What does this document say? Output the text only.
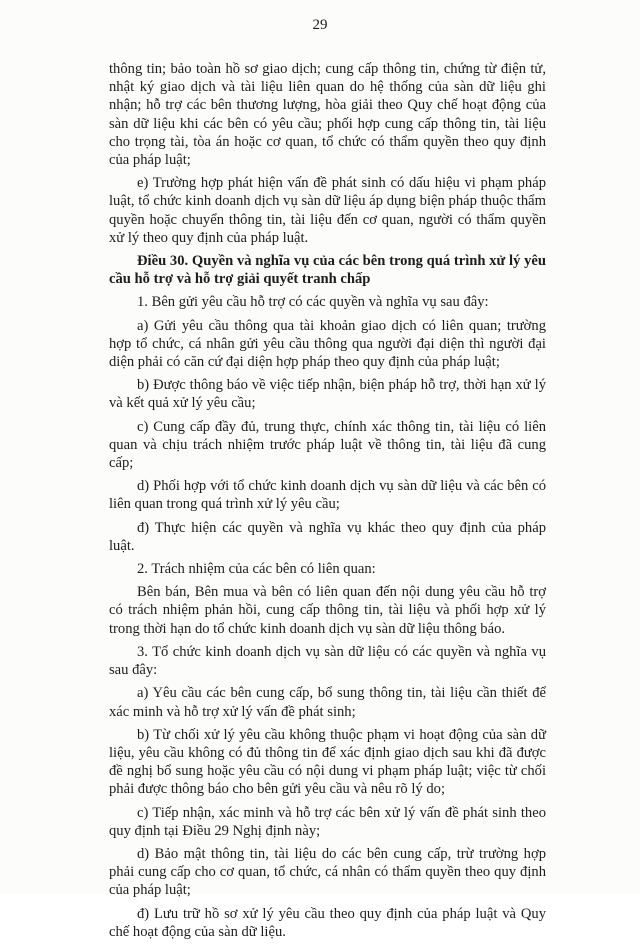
29

thông tin; bảo toàn hồ sơ giao dịch; cung cấp thông tin, chứng từ điện tử, nhật ký giao dịch và tài liệu liên quan do hệ thống của sàn dữ liệu ghi nhận; hỗ trợ các bên thương lượng, hòa giải theo Quy chế hoạt động của sàn dữ liệu khi các bên có yêu cầu; phối hợp cung cấp thông tin, tài liệu cho trọng tài, tòa án hoặc cơ quan, tổ chức có thẩm quyền theo quy định của pháp luật;

e) Trường hợp phát hiện vấn đề phát sinh có dấu hiệu vi phạm pháp luật, tổ chức kinh doanh dịch vụ sàn dữ liệu áp dụng biện pháp thuộc thẩm quyền hoặc chuyển thông tin, tài liệu đến cơ quan, người có thẩm quyền xử lý theo quy định của pháp luật.

Điều 30. Quyền và nghĩa vụ của các bên trong quá trình xử lý yêu cầu hỗ trợ và hỗ trợ giải quyết tranh chấp

1. Bên gửi yêu cầu hỗ trợ có các quyền và nghĩa vụ sau đây:

a) Gửi yêu cầu thông qua tài khoản giao dịch có liên quan; trường hợp tổ chức, cá nhân gửi yêu cầu thông qua người đại diện thì người đại diện phải có căn cứ đại diện hợp pháp theo quy định của pháp luật;

b) Được thông báo về việc tiếp nhận, biện pháp hỗ trợ, thời hạn xử lý và kết quả xử lý yêu cầu;

c) Cung cấp đầy đủ, trung thực, chính xác thông tin, tài liệu có liên quan và chịu trách nhiệm trước pháp luật về thông tin, tài liệu đã cung cấp;

d) Phối hợp với tổ chức kinh doanh dịch vụ sàn dữ liệu và các bên có liên quan trong quá trình xử lý yêu cầu;

đ) Thực hiện các quyền và nghĩa vụ khác theo quy định của pháp luật.

2. Trách nhiệm của các bên có liên quan:

Bên bán, Bên mua và bên có liên quan đến nội dung yêu cầu hỗ trợ có trách nhiệm phản hồi, cung cấp thông tin, tài liệu và phối hợp xử lý trong thời hạn do tổ chức kinh doanh dịch vụ sàn dữ liệu thông báo.

3. Tổ chức kinh doanh dịch vụ sàn dữ liệu có các quyền và nghĩa vụ sau đây:

a) Yêu cầu các bên cung cấp, bổ sung thông tin, tài liệu cần thiết để xác minh và hỗ trợ xử lý vấn đề phát sinh;

b) Từ chối xử lý yêu cầu không thuộc phạm vi hoạt động của sàn dữ liệu, yêu cầu không có đủ thông tin để xác định giao dịch sau khi đã được đề nghị bổ sung hoặc yêu cầu có nội dung vi phạm pháp luật; việc từ chối phải được thông báo cho bên gửi yêu cầu và nêu rõ lý do;

c) Tiếp nhận, xác minh và hỗ trợ các bên xử lý vấn đề phát sinh theo quy định tại Điều 29 Nghị định này;

d) Bảo mật thông tin, tài liệu do các bên cung cấp, trừ trường hợp phải cung cấp cho cơ quan, tổ chức, cá nhân có thẩm quyền theo quy định của pháp luật;

đ) Lưu trữ hồ sơ xử lý yêu cầu theo quy định của pháp luật và Quy chế hoạt động của sàn dữ liệu.
